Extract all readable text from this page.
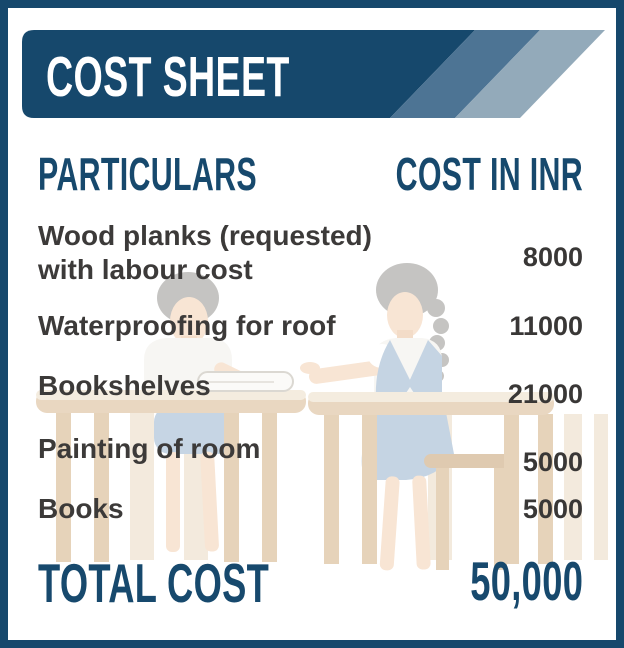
COST SHEET
PARTICULARS	COST IN INR
Wood planks (requested) with labour cost	8000
Waterproofing for roof	11000
Bookshelves	21000
Painting of room	5000
Books	5000
TOTAL COST	50,000
